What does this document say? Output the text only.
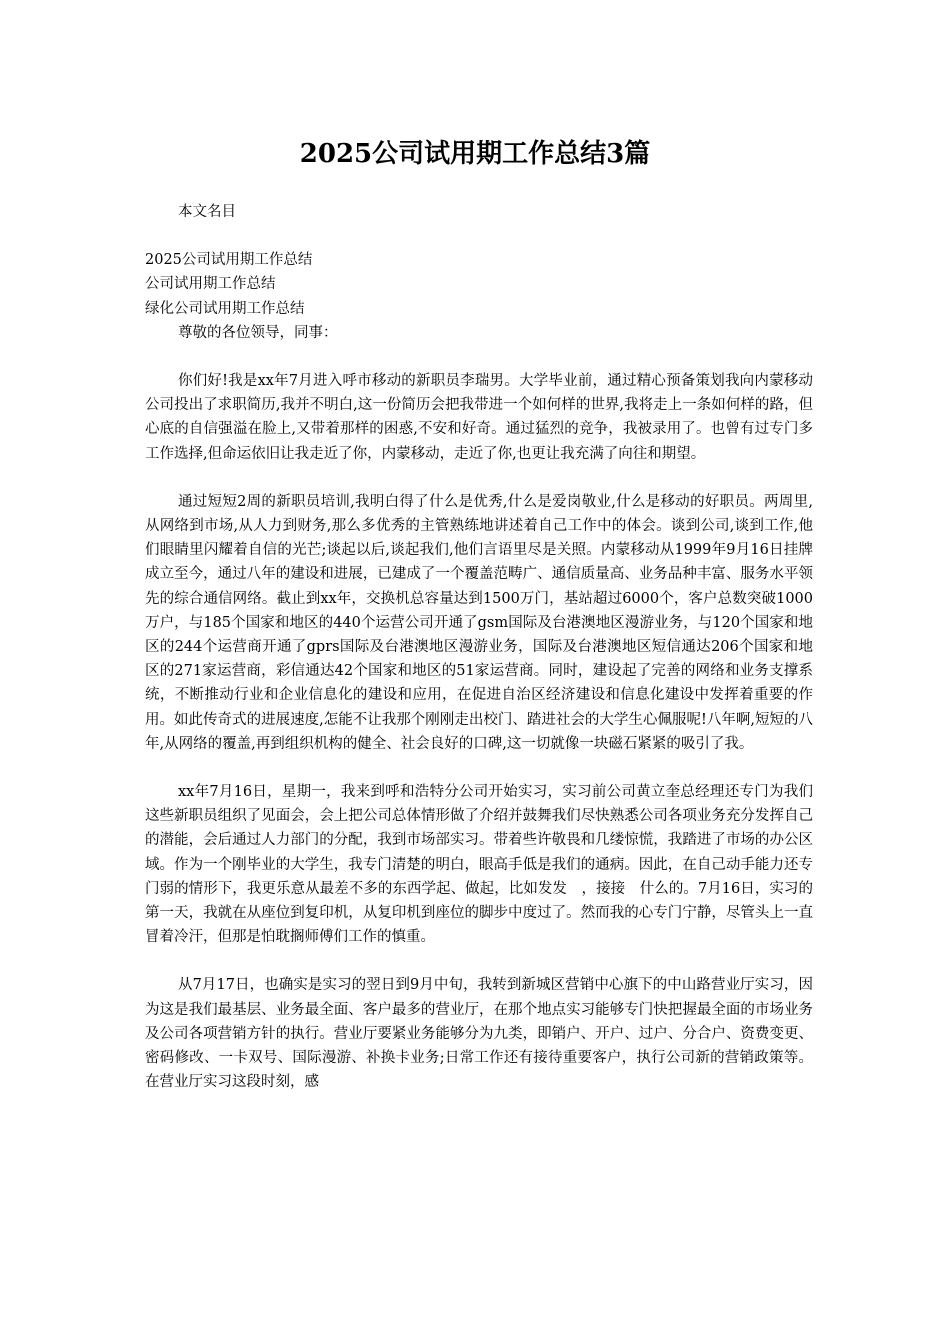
2025公司试用期工作总结3篇

本文名目

2025公司试用期工作总结

公司试用期工作总结

绿化公司试用期工作总结

尊敬的各位领导，同事：

你们好!我是xx年7月进入呼市移动的新职员李瑞男。大学毕业前，通过精心预备策划我向内蒙移动公司投出了求职简历,我并不明白,这一份简历会把我带进一个如何样的世界,我将走上一条如何样的路，但心底的自信强溢在脸上,又带着那样的困惑,不安和好奇。通过猛烈的竞争，我被录用了。也曾有过专门多工作选择,但命运依旧让我走近了你，内蒙移动，走近了你,也更让我充满了向往和期望。

通过短短2周的新职员培训,我明白得了什么是优秀,什么是爱岗敬业,什么是移动的好职员。两周里,从网络到市场,从人力到财务,那么多优秀的主管熟练地讲述着自己工作中的体会。谈到公司,谈到工作,他们眼睛里闪耀着自信的光芒;谈起以后,谈起我们,他们言语里尽是关照。内蒙移动从1999年9月16日挂牌成立至今，通过八年的建设和进展，已建成了一个覆盖范畴广、通信质量高、业务品种丰富、服务水平领先的综合通信网络。截止到xx年，交换机总容量达到1500万门，基站超过6000个，客户总数突破1000万户，与185个国家和地区的440个运营公司开通了gsm国际及台港澳地区漫游业务，与120个国家和地区的244个运营商开通了gprs国际及台港澳地区漫游业务，国际及台港澳地区短信通达206个国家和地区的271家运营商，彩信通达42个国家和地区的51家运营商。同时，建设起了完善的网络和业务支撑系统，不断推动行业和企业信息化的建设和应用，在促进自治区经济建设和信息化建设中发挥着重要的作用。如此传奇式的进展速度,怎能不让我那个刚刚走出校门、踏进社会的大学生心佩服呢!八年啊,短短的八年,从网络的覆盖,再到组织机构的健全、社会良好的口碑,这一切就像一块磁石紧紧的吸引了我。

xx年7月16日，星期一，我来到呼和浩特分公司开始实习，实习前公司黄立奎总经理还专门为我们这些新职员组织了见面会，会上把公司总体情形做了介绍并鼓舞我们尽快熟悉公司各项业务充分发挥自己的潜能，会后通过人力部门的分配，我到市场部实习。带着些许敬畏和几缕惊慌，我踏进了市场的办公区域。作为一个刚毕业的大学生，我专门清楚的明白，眼高手低是我们的通病。因此，在自己动手能力还专门弱的情形下，我更乐意从最差不多的东西学起、做起，比如发发　，接接　什么的。7月16日，实习的第一天，我就在从座位到复印机，从复印机到座位的脚步中度过了。然而我的心专门宁静，尽管头上一直冒着冷汗，但那是怕耽搁师傅们工作的慎重。

从7月17日，也确实是实习的翌日到9月中旬，我转到新城区营销中心旗下的中山路营业厅实习，因为这是我们最基层、业务最全面、客户最多的营业厅，在那个地点实习能够专门快把握最全面的市场业务及公司各项营销方针的执行。营业厅要紧业务能够分为九类，即销户、开户、过户、分合户、资费变更、密码修改、一卡双号、国际漫游、补换卡业务;日常工作还有接待重要客户，执行公司新的营销政策等。在营业厅实习这段时刻，感
